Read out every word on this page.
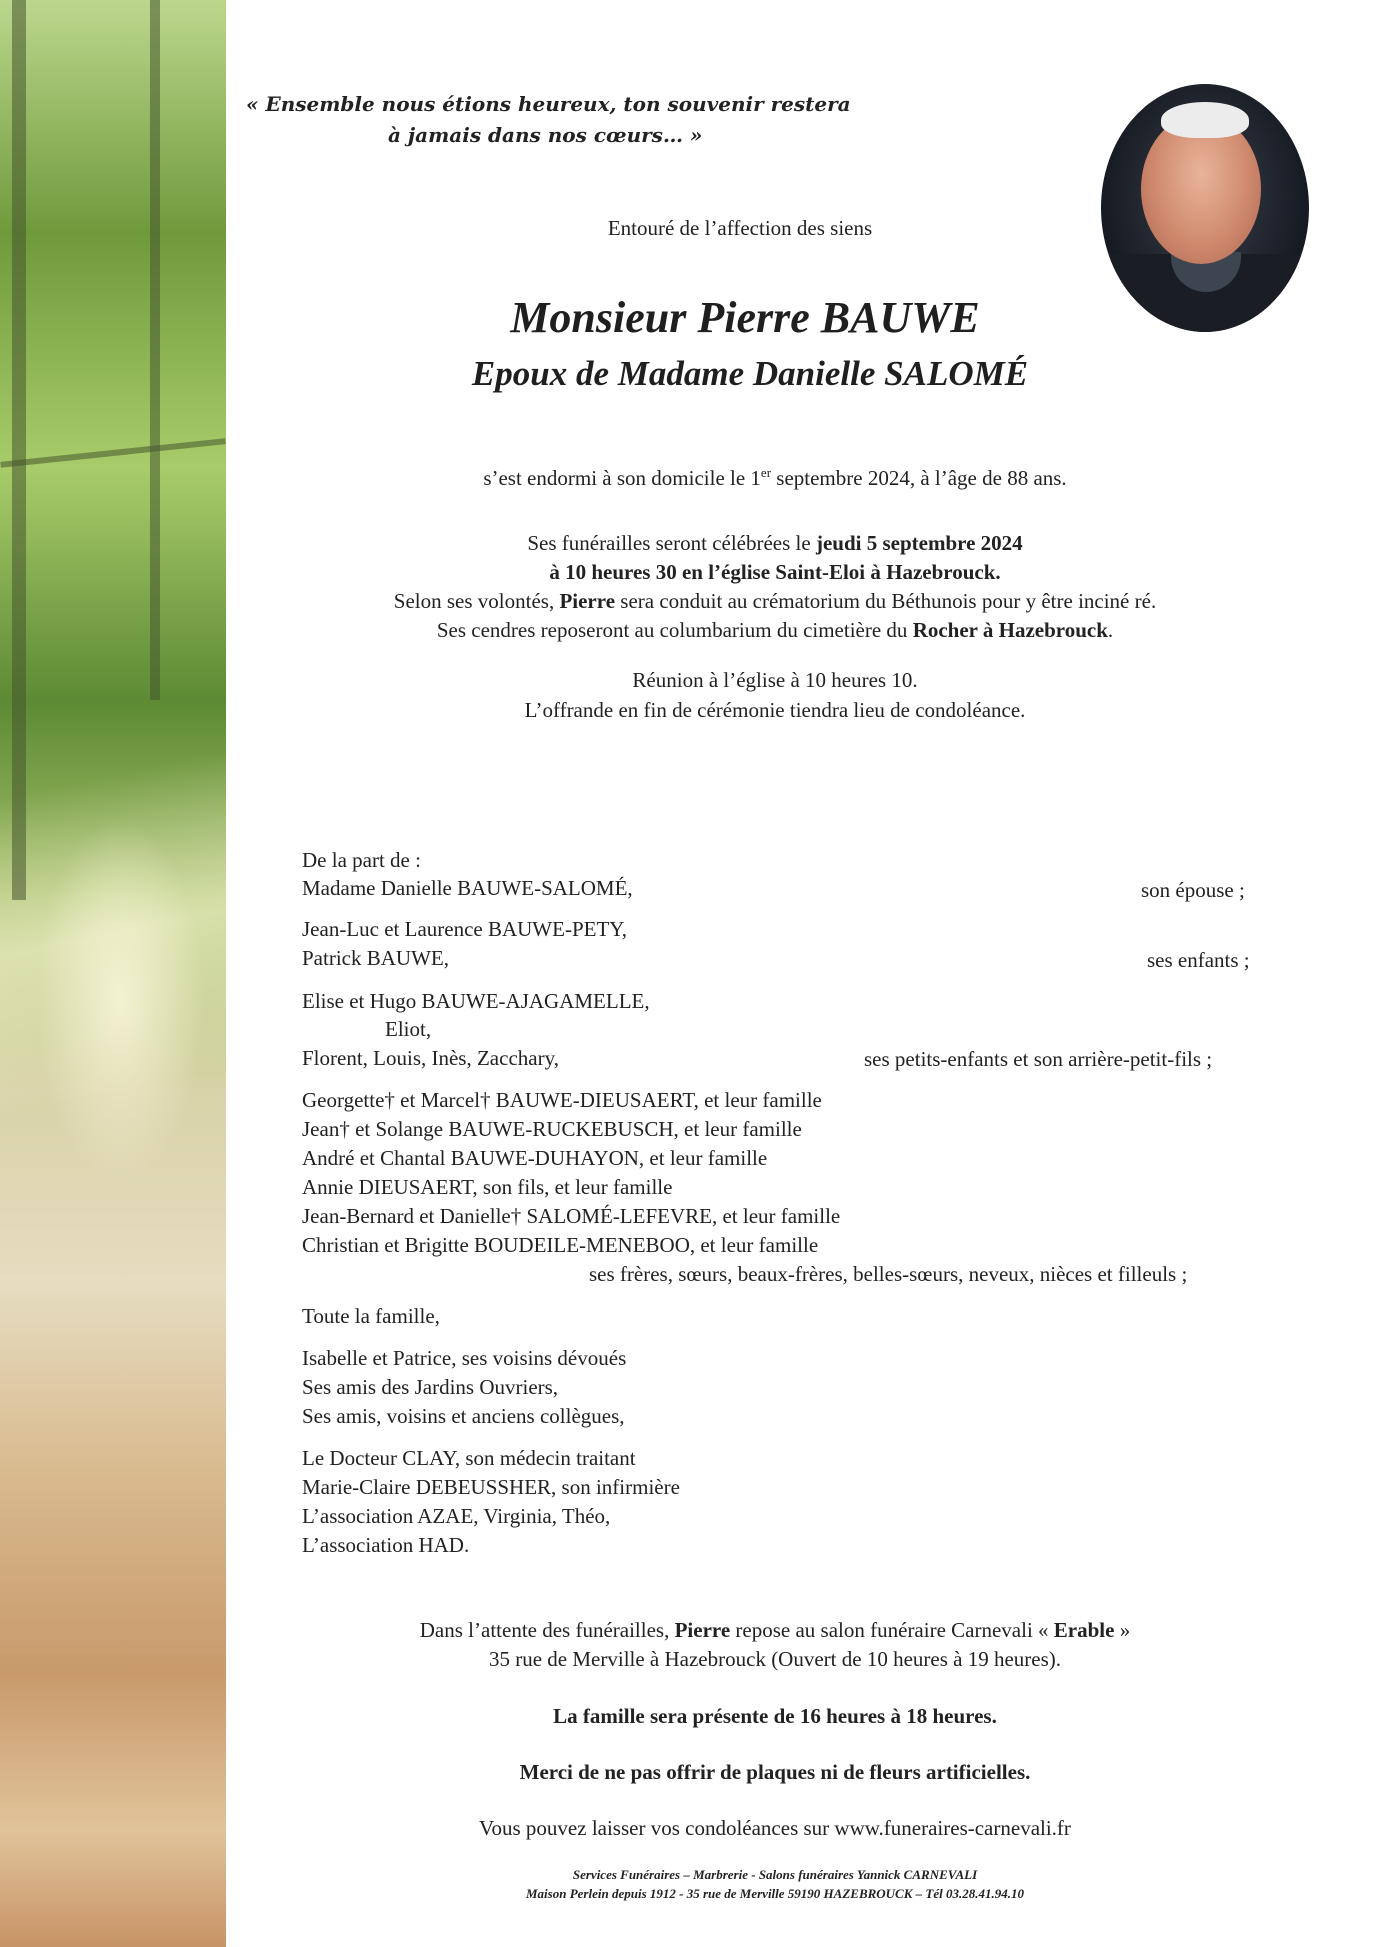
« Ensemble nous étions heureux, ton souvenir restera
à jamais dans nos cœurs… »
Entouré de l’affection des siens
Monsieur Pierre BAUWE
Epoux de Madame Danielle SALOMÉ
s’est endormi à son domicile le 1er septembre 2024, à l’âge de 88 ans.
Ses funérailles seront célébrées le jeudi 5 septembre 2024
à 10 heures 30 en l’église Saint-Eloi à Hazebrouck.
Selon ses volontés, Pierre sera conduit au crématorium du Béthunois pour y être inciné ré.
Ses cendres reposeront au columbarium du cimetière du Rocher à Hazebrouck.
Réunion à l’église à 10 heures 10.
L’offrande en fin de cérémonie tiendra lieu de condoléance.
De la part de :
Madame Danielle BAUWE-SALOMÉ,	son épouse ;
Jean-Luc et Laurence BAUWE-PETY,
Patrick BAUWE,	ses enfants ;
Elise et Hugo BAUWE-AJAGAMELLE,
Eliot,
Florent, Louis, Inès, Zacchary,	ses petits-enfants et son arrière-petit-fils ;
Georgette† et Marcel† BAUWE-DIEUSAERT, et leur famille
Jean† et Solange BAUWE-RUCKEBUSCH, et leur famille
André et Chantal BAUWE-DUHAYON, et leur famille
Annie DIEUSAERT, son fils, et leur famille
Jean-Bernard et Danielle† SALOMÉ-LEFEVRE, et leur famille
Christian et Brigitte BOUDEILE-MENEBOO, et leur famille
ses frères, sœurs, beaux-frères, belles-sœurs, neveux, nièces et filleuls ;
Toute la famille,
Isabelle et Patrice, ses voisins dévoués
Ses amis des Jardins Ouvriers,
Ses amis, voisins et anciens collègues,
Le Docteur CLAY, son médecin traitant
Marie-Claire DEBEUSSHER, son infirmière
L’association AZAE, Virginia, Théo,
L’association HAD.
Dans l’attente des funérailles, Pierre repose au salon funéraire Carnevali « Erable »
35 rue de Merville à Hazebrouck (Ouvert de 10 heures à 19 heures).
La famille sera présente de 16 heures à 18 heures.
Merci de ne pas offrir de plaques ni de fleurs artificielles.
Vous pouvez laisser vos condoléances sur www.funeraires-carnevali.fr
Services Funéraires – Marbrerie - Salons funéraires Yannick CARNEVALI
Maison Perlein depuis 1912 - 35 rue de Merville 59190 HAZEBROUCK – Tél 03.28.41.94.10
